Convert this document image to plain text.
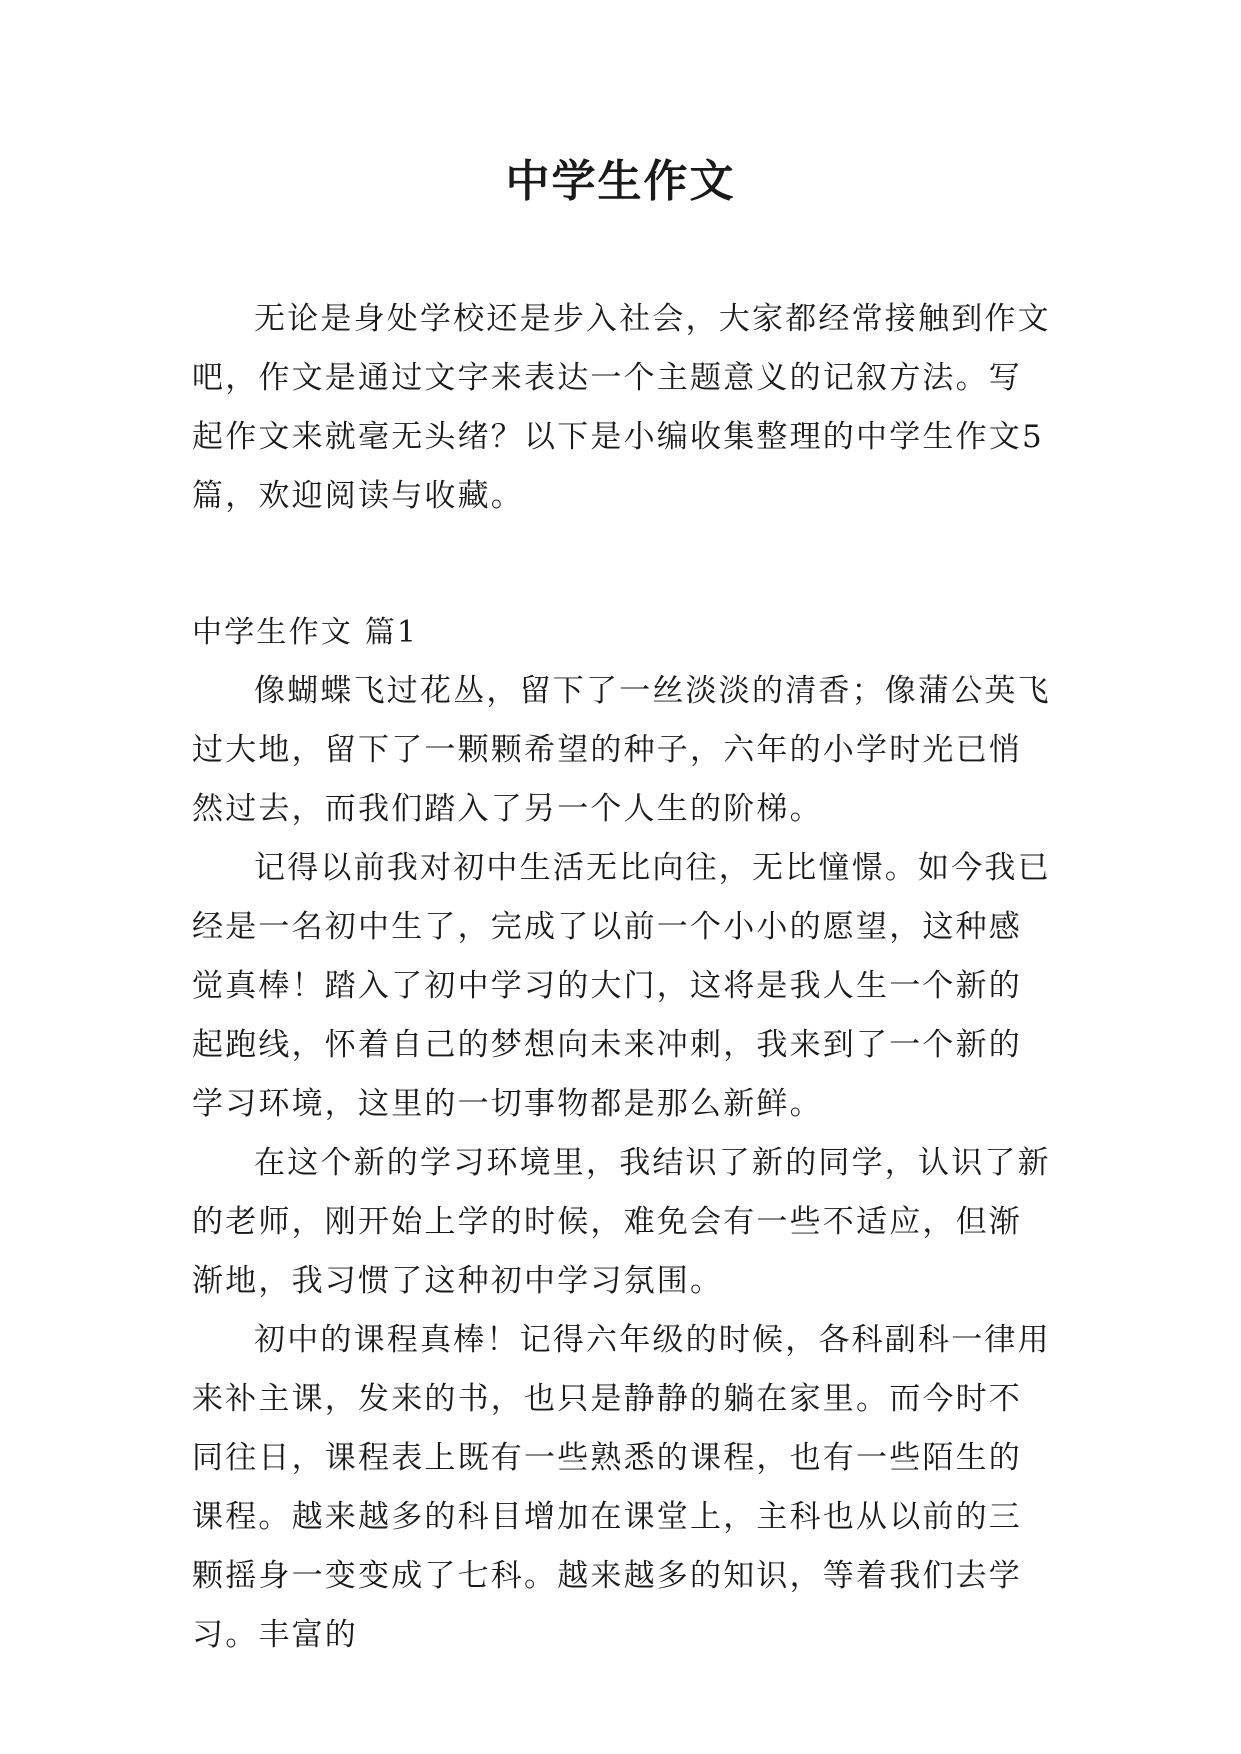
中学生作文

无论是身处学校还是步入社会，大家都经常接触到作文吧，作文是通过文字来表达一个主题意义的记叙方法。写起作文来就毫无头绪？以下是小编收集整理的中学生作文5篇，欢迎阅读与收藏。

中学生作文 篇1

像蝴蝶飞过花丛，留下了一丝淡淡的清香；像蒲公英飞过大地，留下了一颗颗希望的种子，六年的小学时光已悄然过去，而我们踏入了另一个人生的阶梯。

记得以前我对初中生活无比向往，无比憧憬。如今我已经是一名初中生了，完成了以前一个小小的愿望，这种感觉真棒！踏入了初中学习的大门，这将是我人生一个新的起跑线，怀着自己的梦想向未来冲刺，我来到了一个新的学习环境，这里的一切事物都是那么新鲜。

在这个新的学习环境里，我结识了新的同学，认识了新的老师，刚开始上学的时候，难免会有一些不适应，但渐渐地，我习惯了这种初中学习氛围。

初中的课程真棒！记得六年级的时候，各科副科一律用来补主课，发来的书，也只是静静的躺在家里。而今时不同往日，课程表上既有一些熟悉的课程，也有一些陌生的课程。越来越多的科目增加在课堂上，主科也从以前的三颗摇身一变变成了七科。越来越多的知识，等着我们去学习。丰富的
